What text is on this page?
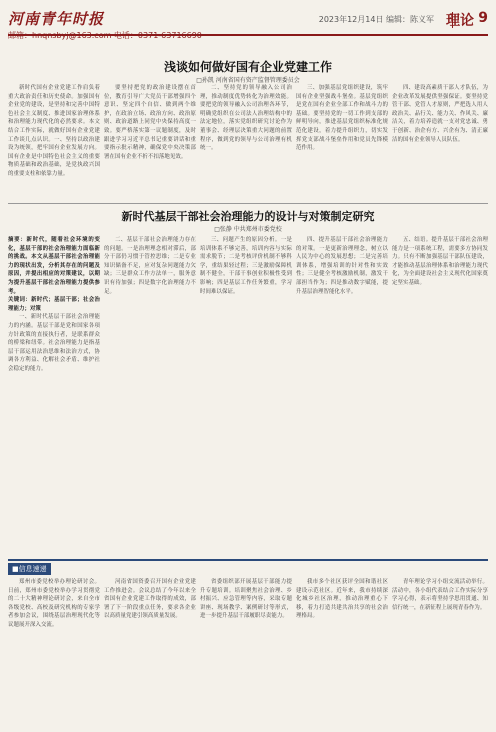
河南青年时报	2023年12月14日 编辑：陈义军 理论 9
浅谈如何做好国有企业党建工作
□孙凯 河南省国有资产监督管理委员会

新时代国有企业党建工作肩负着重大政治责任和历史使命。加强国有企业党的建设，是坚持和完善中国特色社会主义制度、推进国家治理体系和治理能力现代化的必然要求。本文结合工作实际，就做好国有企业党建工作谈几点认识。一、坚持以政治建设为统领，把牢国有企业发展方向。国有企业是中国特色社会主义的重要物质基础和政治基础，是党执政兴国的重要支柱和依靠力量。

要坚持把党的政治建设摆在首位，教育引导广大党员干部增强四个意识、坚定四个自信、做到两个维护，在政治立场、政治方向、政治原则、政治道路上同党中央保持高度一致。要严格落实第一议题制度，及时跟进学习习近平总书记重要讲话和重要指示批示精神，确保党中央决策部署在国有企业不折不扣落地见效。

二、坚持党的领导融入公司治理，推动制度优势转化为治理效能。要把党的领导融入公司治理各环节，明确党组织在公司法人治理结构中的法定地位，落实党组织研究讨论作为董事会、经理层决策重大问题的前置程序，做到党的领导与公司治理有机统一。

三、加强基层党组织建设，筑牢国有企业坚强战斗堡垒。基层党组织是党在国有企业全部工作和战斗力的基础。要坚持党的一切工作到支部的鲜明导向，推进基层党组织标准化规范化建设，着力提升组织力，切实发挥党支部战斗堡垒作用和党员先锋模范作用。

四、建设高素质干部人才队伍，为企业改革发展提供坚强保证。要坚持党管干部、党管人才原则，严把选人用人政治关、品行关、能力关、作风关、廉洁关，着力培养造就一支对党忠诚、勇于创新、治企有方、兴企有为、清正廉洁的国有企业领导人员队伍。

新时代基层干部社会治理能力的设计与对策制定研究
□张静 中共郑州市委党校

摘要：新时代，随着社会环境的变化，基层干部的社会治理能力面临新的挑战。本文从基层干部社会治理能力的现状出发，分析其存在的问题及原因，并提出相应的对策建议，以期为提升基层干部社会治理能力提供参考。

关键词：新时代；基层干部；社会治理能力；对策

一、新时代基层干部社会治理能力的内涵。基层干部是党和国家各项方针政策的直接执行者，是联系群众的桥梁和纽带。社会治理能力是指基层干部运用法治思维和法治方式，协调各方利益、化解社会矛盾、维护社会稳定的能力。

二、基层干部社会治理能力存在的问题。一是治理理念相对滞后，部分干部仍习惯于管控思维；二是专业知识储备不足，应对复杂问题能力欠缺；三是群众工作方法单一，服务意识有待加强；四是数字化治理能力不足。

三、问题产生的原因分析。一是培训体系不够完善，培训内容与实际需求脱节；二是考核评价机制不够科学，重结果轻过程；三是激励保障机制不健全，干部干事创业积极性受到影响；四是基层工作任务繁重，学习时间难以保证。

四、提升基层干部社会治理能力的对策。一是更新治理理念，树立以人民为中心的发展思想；二是完善培训体系，增强培训的针对性和实效性；三是健全考核激励机制，激发干部担当作为；四是推动数字赋能，提升基层治理智能化水平。

五、结语。提升基层干部社会治理能力是一项系统工程，需要多方协同发力。只有不断加强基层干部队伍建设，才能推动基层治理体系和治理能力现代化，为全面建设社会主义现代化国家奠定坚实基础。

■信息速递

郑州市委党校举办理论研讨会。日前，郑州市委党校举办学习贯彻党的二十大精神理论研讨会，来自全市各级党校、高校及研究机构的专家学者参加会议，围绕基层治理现代化等议题展开深入交流。

河南省国资委召开国有企业党建工作推进会。会议总结了今年以来全省国有企业党建工作取得的成效，部署了下一阶段重点任务，要求各企业以高质量党建引领高质量发展。

省委组织部开展基层干部能力提升专题培训。培训聚焦社会治理、乡村振兴、应急管理等内容，采取专题讲座、现场教学、案例研讨等形式，进一步提升基层干部履职尽责能力。

我市多个社区获评全国和谐社区建设示范社区。近年来，我市持续深化城乡社区治理，推动治理重心下移，着力打造共建共治共享的社会治理格局。

青年理论学习小组交流活动举行。活动中，各小组代表结合工作实际分享学习心得，表示将坚持学思用贯通、知信行统一，在新征程上展现青春作为。
